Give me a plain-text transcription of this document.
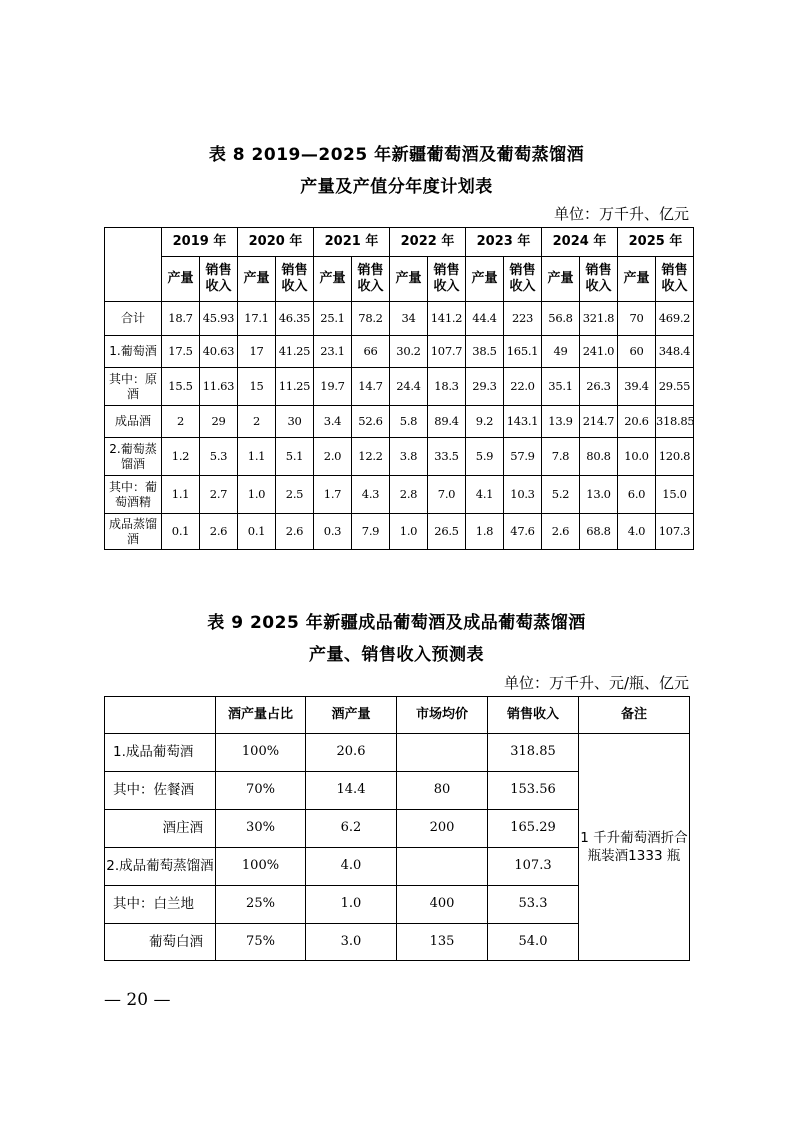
表 8 2019—2025 年新疆葡萄酒及葡萄蒸馏酒
产量及产值分年度计划表
单位：万千升、亿元
	2019 年		2020 年		2021 年		2022 年		2023 年		2024 年		2025 年	
	产量	销售收入	产量	销售收入	产量	销售收入	产量	销售收入	产量	销售收入	产量	销售收入	产量	销售收入
合计	18.7	45.93	17.1	46.35	25.1	78.2	34	141.2	44.4	223	56.8	321.8	70	469.2
1.葡萄酒	17.5	40.63	17	41.25	23.1	66	30.2	107.7	38.5	165.1	49	241.0	60	348.4
其中：原酒	15.5	11.63	15	11.25	19.7	14.7	24.4	18.3	29.3	22.0	35.1	26.3	39.4	29.55
成品酒	2	29	2	30	3.4	52.6	5.8	89.4	9.2	143.1	13.9	214.7	20.6	318.85
2.葡萄蒸馏酒	1.2	5.3	1.1	5.1	2.0	12.2	3.8	33.5	5.9	57.9	7.8	80.8	10.0	120.8
其中：葡萄酒精	1.1	2.7	1.0	2.5	1.7	4.3	2.8	7.0	4.1	10.3	5.2	13.0	6.0	15.0
成品蒸馏酒	0.1	2.6	0.1	2.6	0.3	7.9	1.0	26.5	1.8	47.6	2.6	68.8	4.0	107.3
表 9 2025 年新疆成品葡萄酒及成品葡萄蒸馏酒
产量、销售收入预测表
单位：万千升、元/瓶、亿元
	酒产量占比	酒产量	市场均价	销售收入	备注
1.成品葡萄酒	100%	20.6		318.85	1 千升葡萄酒折合瓶装酒1333 瓶
其中：佐餐酒	70%	14.4	80	153.56	
酒庄酒	30%	6.2	200	165.29	
2.成品葡萄蒸馏酒	100%	4.0		107.3	
其中：白兰地	25%	1.0	400	53.3	
葡萄白酒	75%	3.0	135	54.0	
— 20 —
